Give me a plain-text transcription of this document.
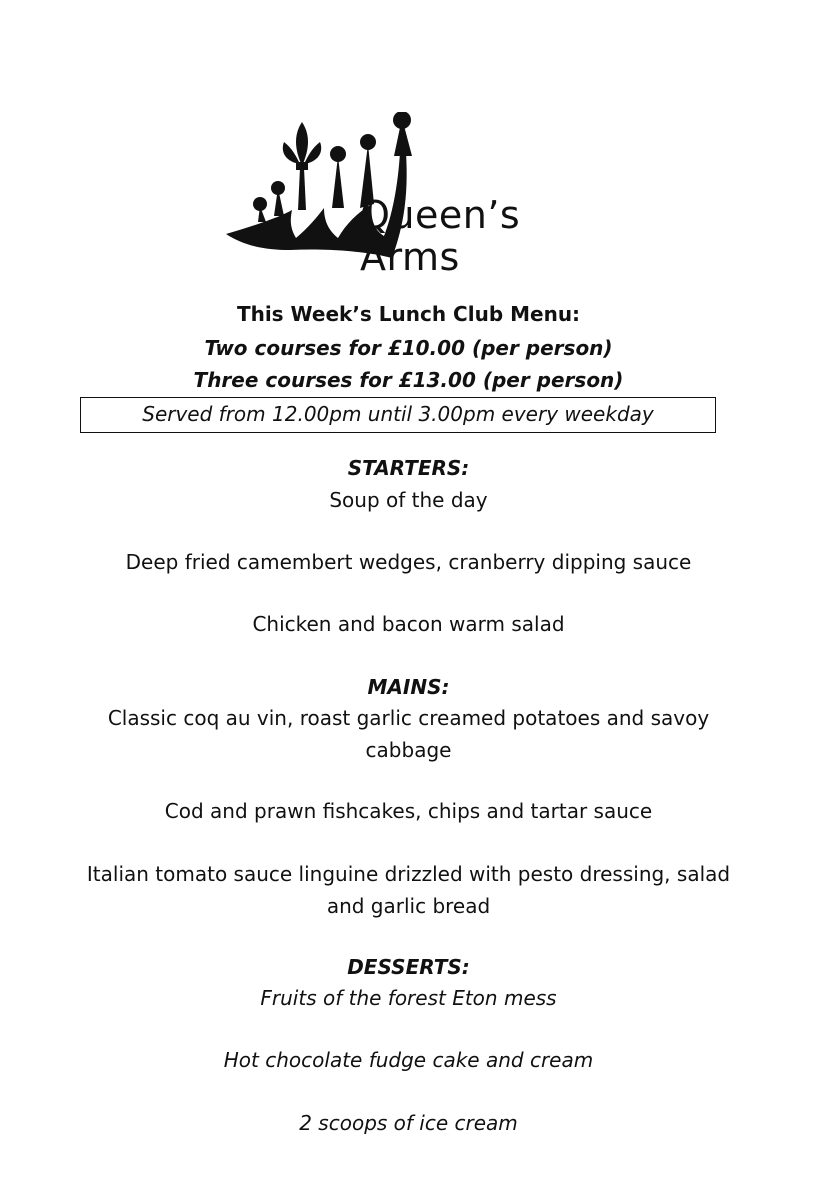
Queen’s
Arms
This Week’s Lunch Club Menu:
Two courses for £10.00 (per person)
Three courses for £13.00 (per person)
Served from 12.00pm until 3.00pm every weekday
STARTERS:
Soup of the day
Deep fried camembert wedges, cranberry dipping sauce
Chicken and bacon warm salad
MAINS:
Classic coq au vin, roast garlic creamed potatoes and savoy cabbage
Cod and prawn fishcakes, chips and tartar sauce
Italian tomato sauce linguine drizzled with pesto dressing, salad and garlic bread
DESSERTS:
Fruits of the forest Eton mess
Hot chocolate fudge cake and cream
2 scoops of ice cream
